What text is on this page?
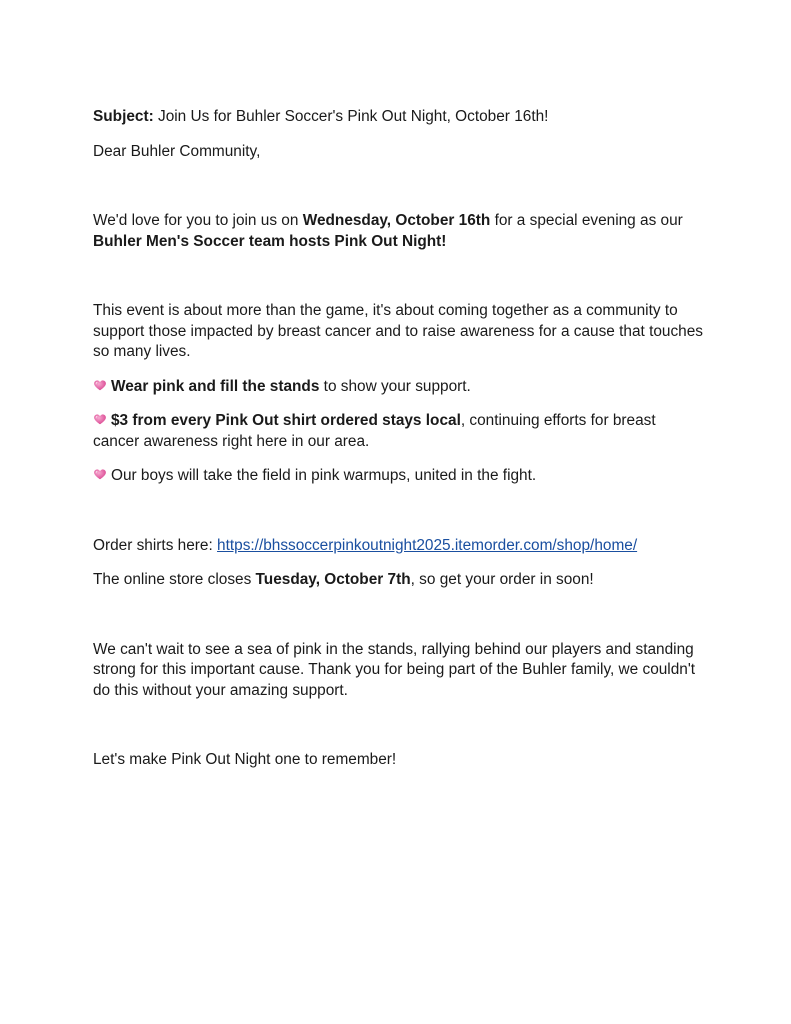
Subject: Join Us for Buhler Soccer's Pink Out Night, October 16th!

Dear Buhler Community,

We'd love for you to join us on Wednesday, October 16th for a special evening as our Buhler Men's Soccer team hosts Pink Out Night!

This event is about more than the game, it's about coming together as a community to support those impacted by breast cancer and to raise awareness for a cause that touches so many lives.

Wear pink and fill the stands to show your support.

$3 from every Pink Out shirt ordered stays local, continuing efforts for breast cancer awareness right here in our area.

Our boys will take the field in pink warmups, united in the fight.

Order shirts here: https://bhssoccerpinkoutnight2025.itemorder.com/shop/home/

The online store closes Tuesday, October 7th, so get your order in soon!

We can't wait to see a sea of pink in the stands, rallying behind our players and standing strong for this important cause. Thank you for being part of the Buhler family, we couldn't do this without your amazing support.

Let's make Pink Out Night one to remember!
